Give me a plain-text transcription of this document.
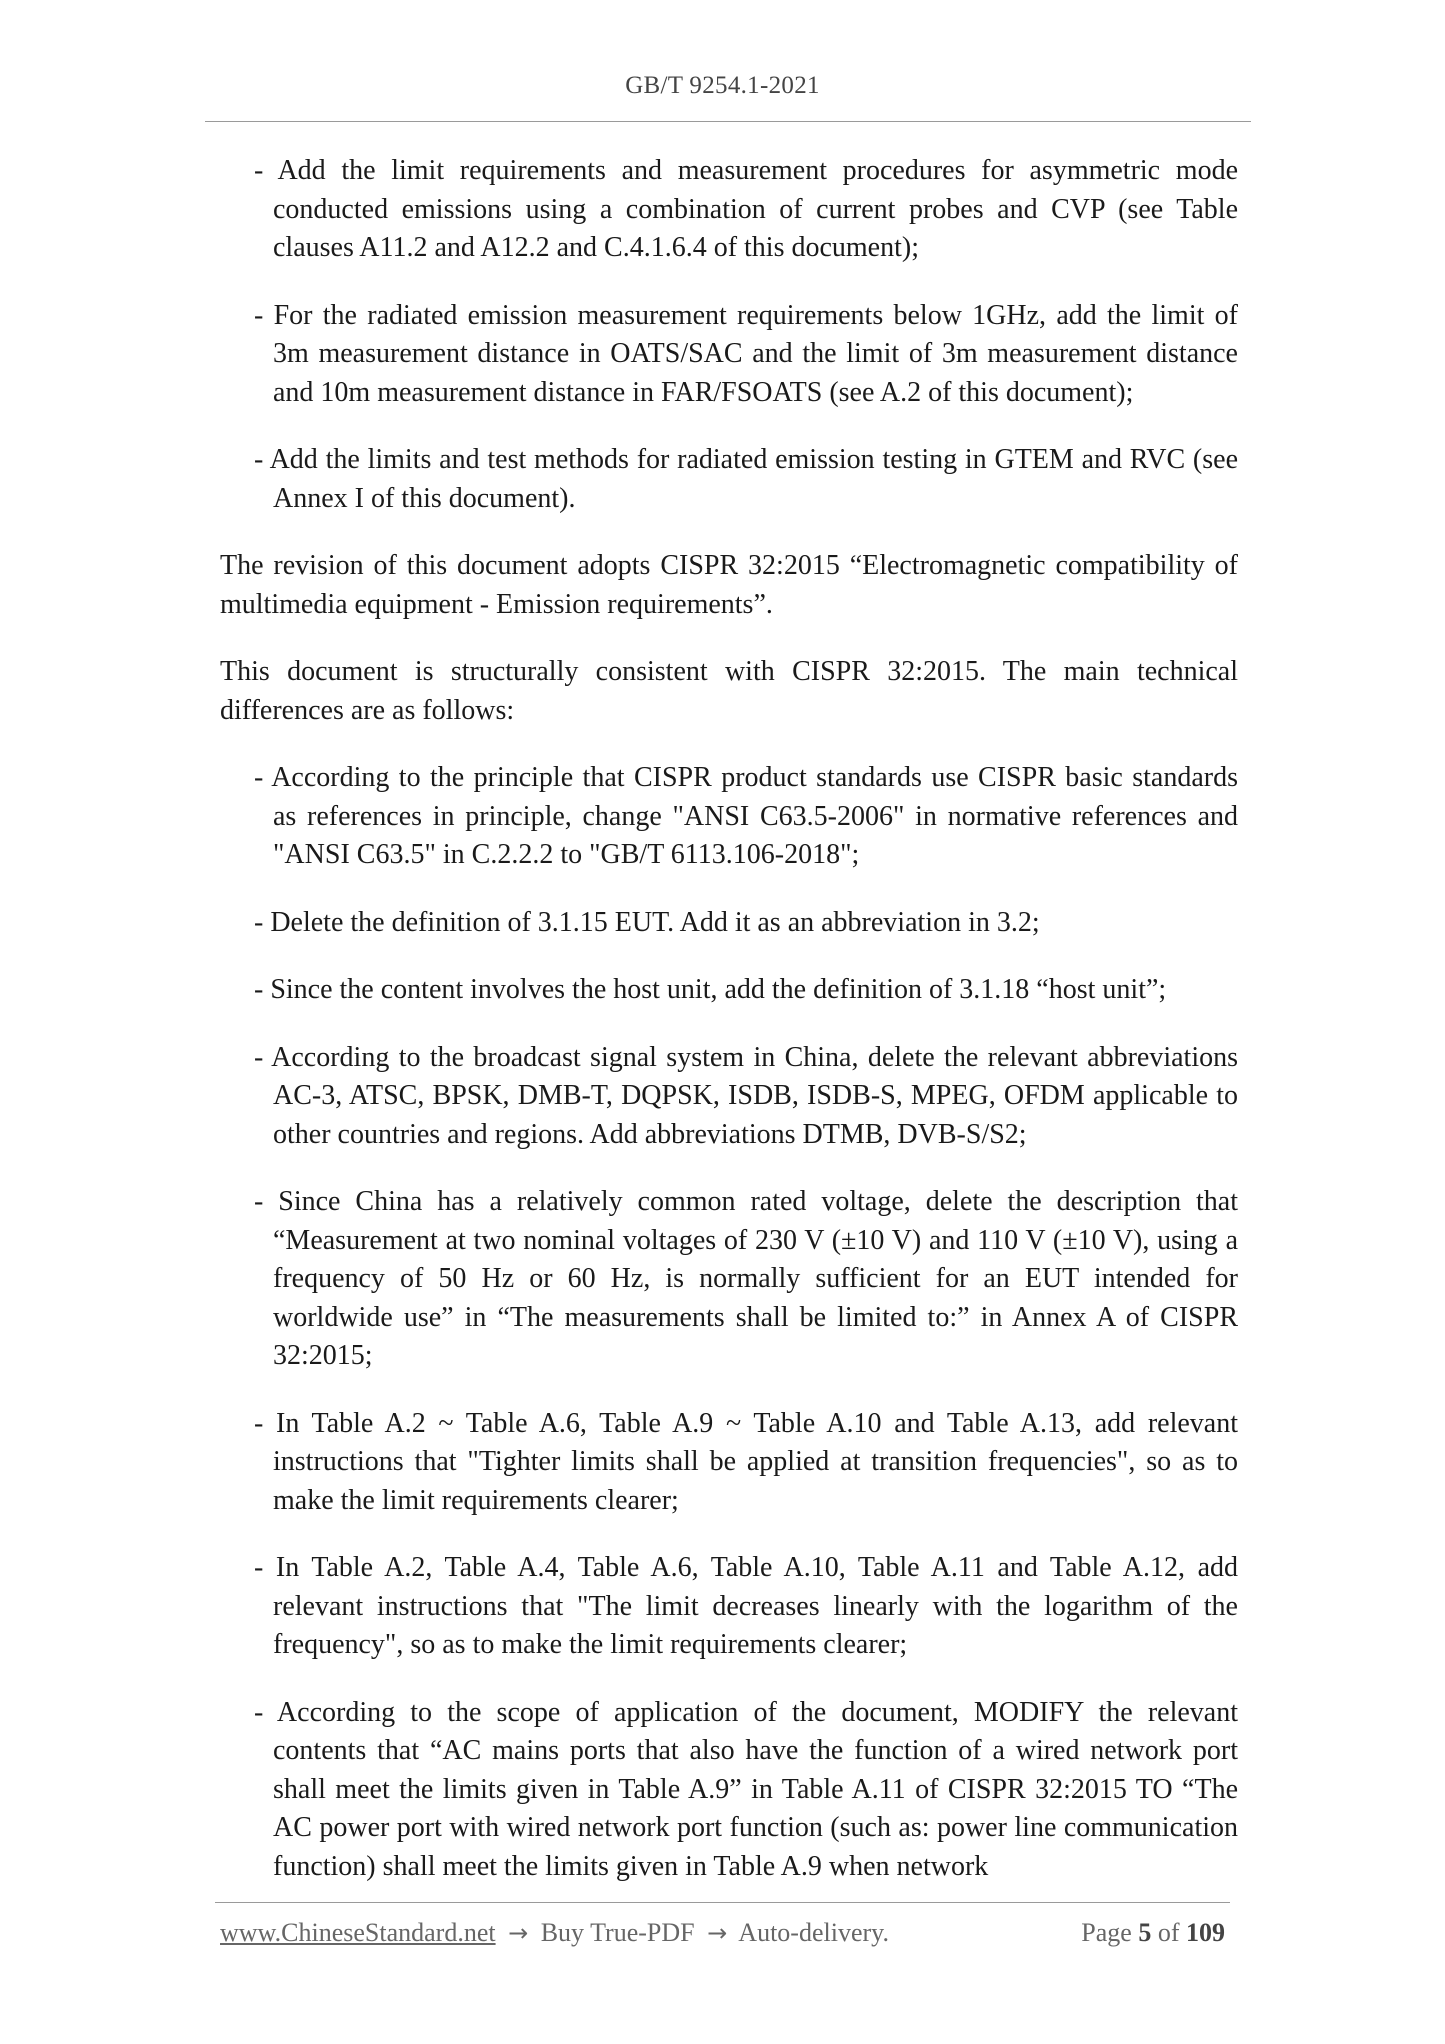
GB/T 9254.1-2021
- Add the limit requirements and measurement procedures for asymmetric mode conducted emissions using a combination of current probes and CVP (see Table clauses A11.2 and A12.2 and C.4.1.6.4 of this document);
- For the radiated emission measurement requirements below 1GHz, add the limit of 3m measurement distance in OATS/SAC and the limit of 3m measurement distance and 10m measurement distance in FAR/FSOATS (see A.2 of this document);
- Add the limits and test methods for radiated emission testing in GTEM and RVC (see Annex I of this document).
The revision of this document adopts CISPR 32:2015 “Electromagnetic compatibility of multimedia equipment - Emission requirements”.
This document is structurally consistent with CISPR 32:2015. The main technical differences are as follows:
- According to the principle that CISPR product standards use CISPR basic standards as references in principle, change "ANSI C63.5-2006" in normative references and "ANSI C63.5" in C.2.2.2 to "GB/T 6113.106-2018";
- Delete the definition of 3.1.15 EUT. Add it as an abbreviation in 3.2;
- Since the content involves the host unit, add the definition of 3.1.18 “host unit”;
- According to the broadcast signal system in China, delete the relevant abbreviations AC-3, ATSC, BPSK, DMB-T, DQPSK, ISDB, ISDB-S, MPEG, OFDM applicable to other countries and regions. Add abbreviations DTMB, DVB-S/S2;
- Since China has a relatively common rated voltage, delete the description that “Measurement at two nominal voltages of 230 V (±10 V) and 110 V (±10 V), using a frequency of 50 Hz or 60 Hz, is normally sufficient for an EUT intended for worldwide use” in “The measurements shall be limited to:” in Annex A of CISPR 32:2015;
- In Table A.2 ~ Table A.6, Table A.9 ~ Table A.10 and Table A.13, add relevant instructions that "Tighter limits shall be applied at transition frequencies", so as to make the limit requirements clearer;
- In Table A.2, Table A.4, Table A.6, Table A.10, Table A.11 and Table A.12, add relevant instructions that "The limit decreases linearly with the logarithm of the frequency", so as to make the limit requirements clearer;
- According to the scope of application of the document, MODIFY the relevant contents that “AC mains ports that also have the function of a wired network port shall meet the limits given in Table A.9” in Table A.11 of CISPR 32:2015 TO “The AC power port with wired network port function (such as: power line communication function) shall meet the limits given in Table A.9 when network
www.ChineseStandard.net → Buy True-PDF → Auto-delivery.	Page 5 of 109
